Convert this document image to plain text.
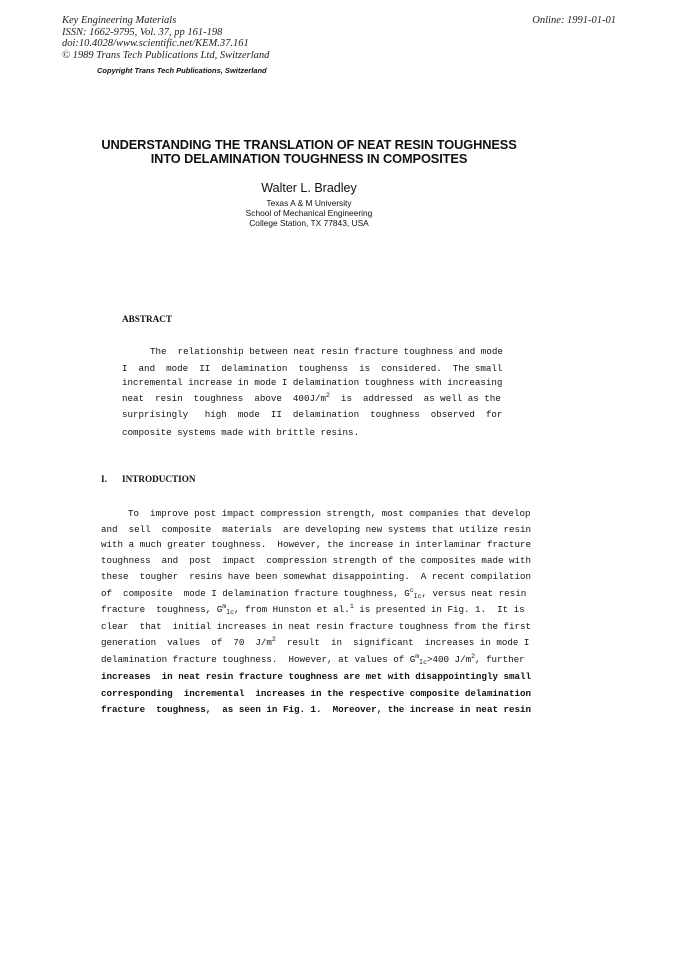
Key Engineering Materials
ISSN: 1662-9795, Vol. 37, pp 161-198
doi:10.4028/www.scientific.net/KEM.37.161
© 1989 Trans Tech Publications Ltd, Switzerland
Online: 1991-01-01
Copyright Trans Tech Publications, Switzerland
UNDERSTANDING THE TRANSLATION OF NEAT RESIN TOUGHNESS
INTO DELAMINATION TOUGHNESS IN COMPOSITES
Walter L. Bradley
Texas A & M University
School of Mechanical Engineering
College Station, TX 77843, USA
ABSTRACT
The  relationship between neat resin fracture toughness and mode
I  and  mode  II  delamination  toughenss  is  considered.  The small
incremental increase in mode I delamination toughness with increasing
neat  resin  toughness  above  $400J/m^2$  is  addressed  as well as the
surprisingly   high  mode  II  delamination  toughness  observed  for
composite systems made with brittle resins.
I. INTRODUCTION
To  improve post impact compression strength, most companies that develop
and  sell  composite  materials  are developing new systems that utilize resin
with a much greater toughness.  However, the increase in interlaminar fracture
toughness  and  post  impact  compression strength of the composites made with
these  tougher  resins have been somewhat disappointing.  A recent compilation
of  composite  mode I delamination fracture toughness, $G^c_{Ic}$, versus neat resin
fracture  toughness, $G^m_{Ic}$, from Hunston et al.$^1$ is presented in Fig. 1.  It is
clear  that  initial increases in neat resin fracture toughness from the first
generation  values  of  70  $J/m^2$  result  in  significant  increases in mode I
delamination fracture toughness.  However, at values of $G^m_{Ic}>400$ $J/m^2$, further
increases  in neat resin fracture toughness are met with disappointingly small
corresponding  incremental  increases in the respective composite delamination
fracture  toughness,  as seen in Fig. 1.  Moreover, the increase in neat resin
